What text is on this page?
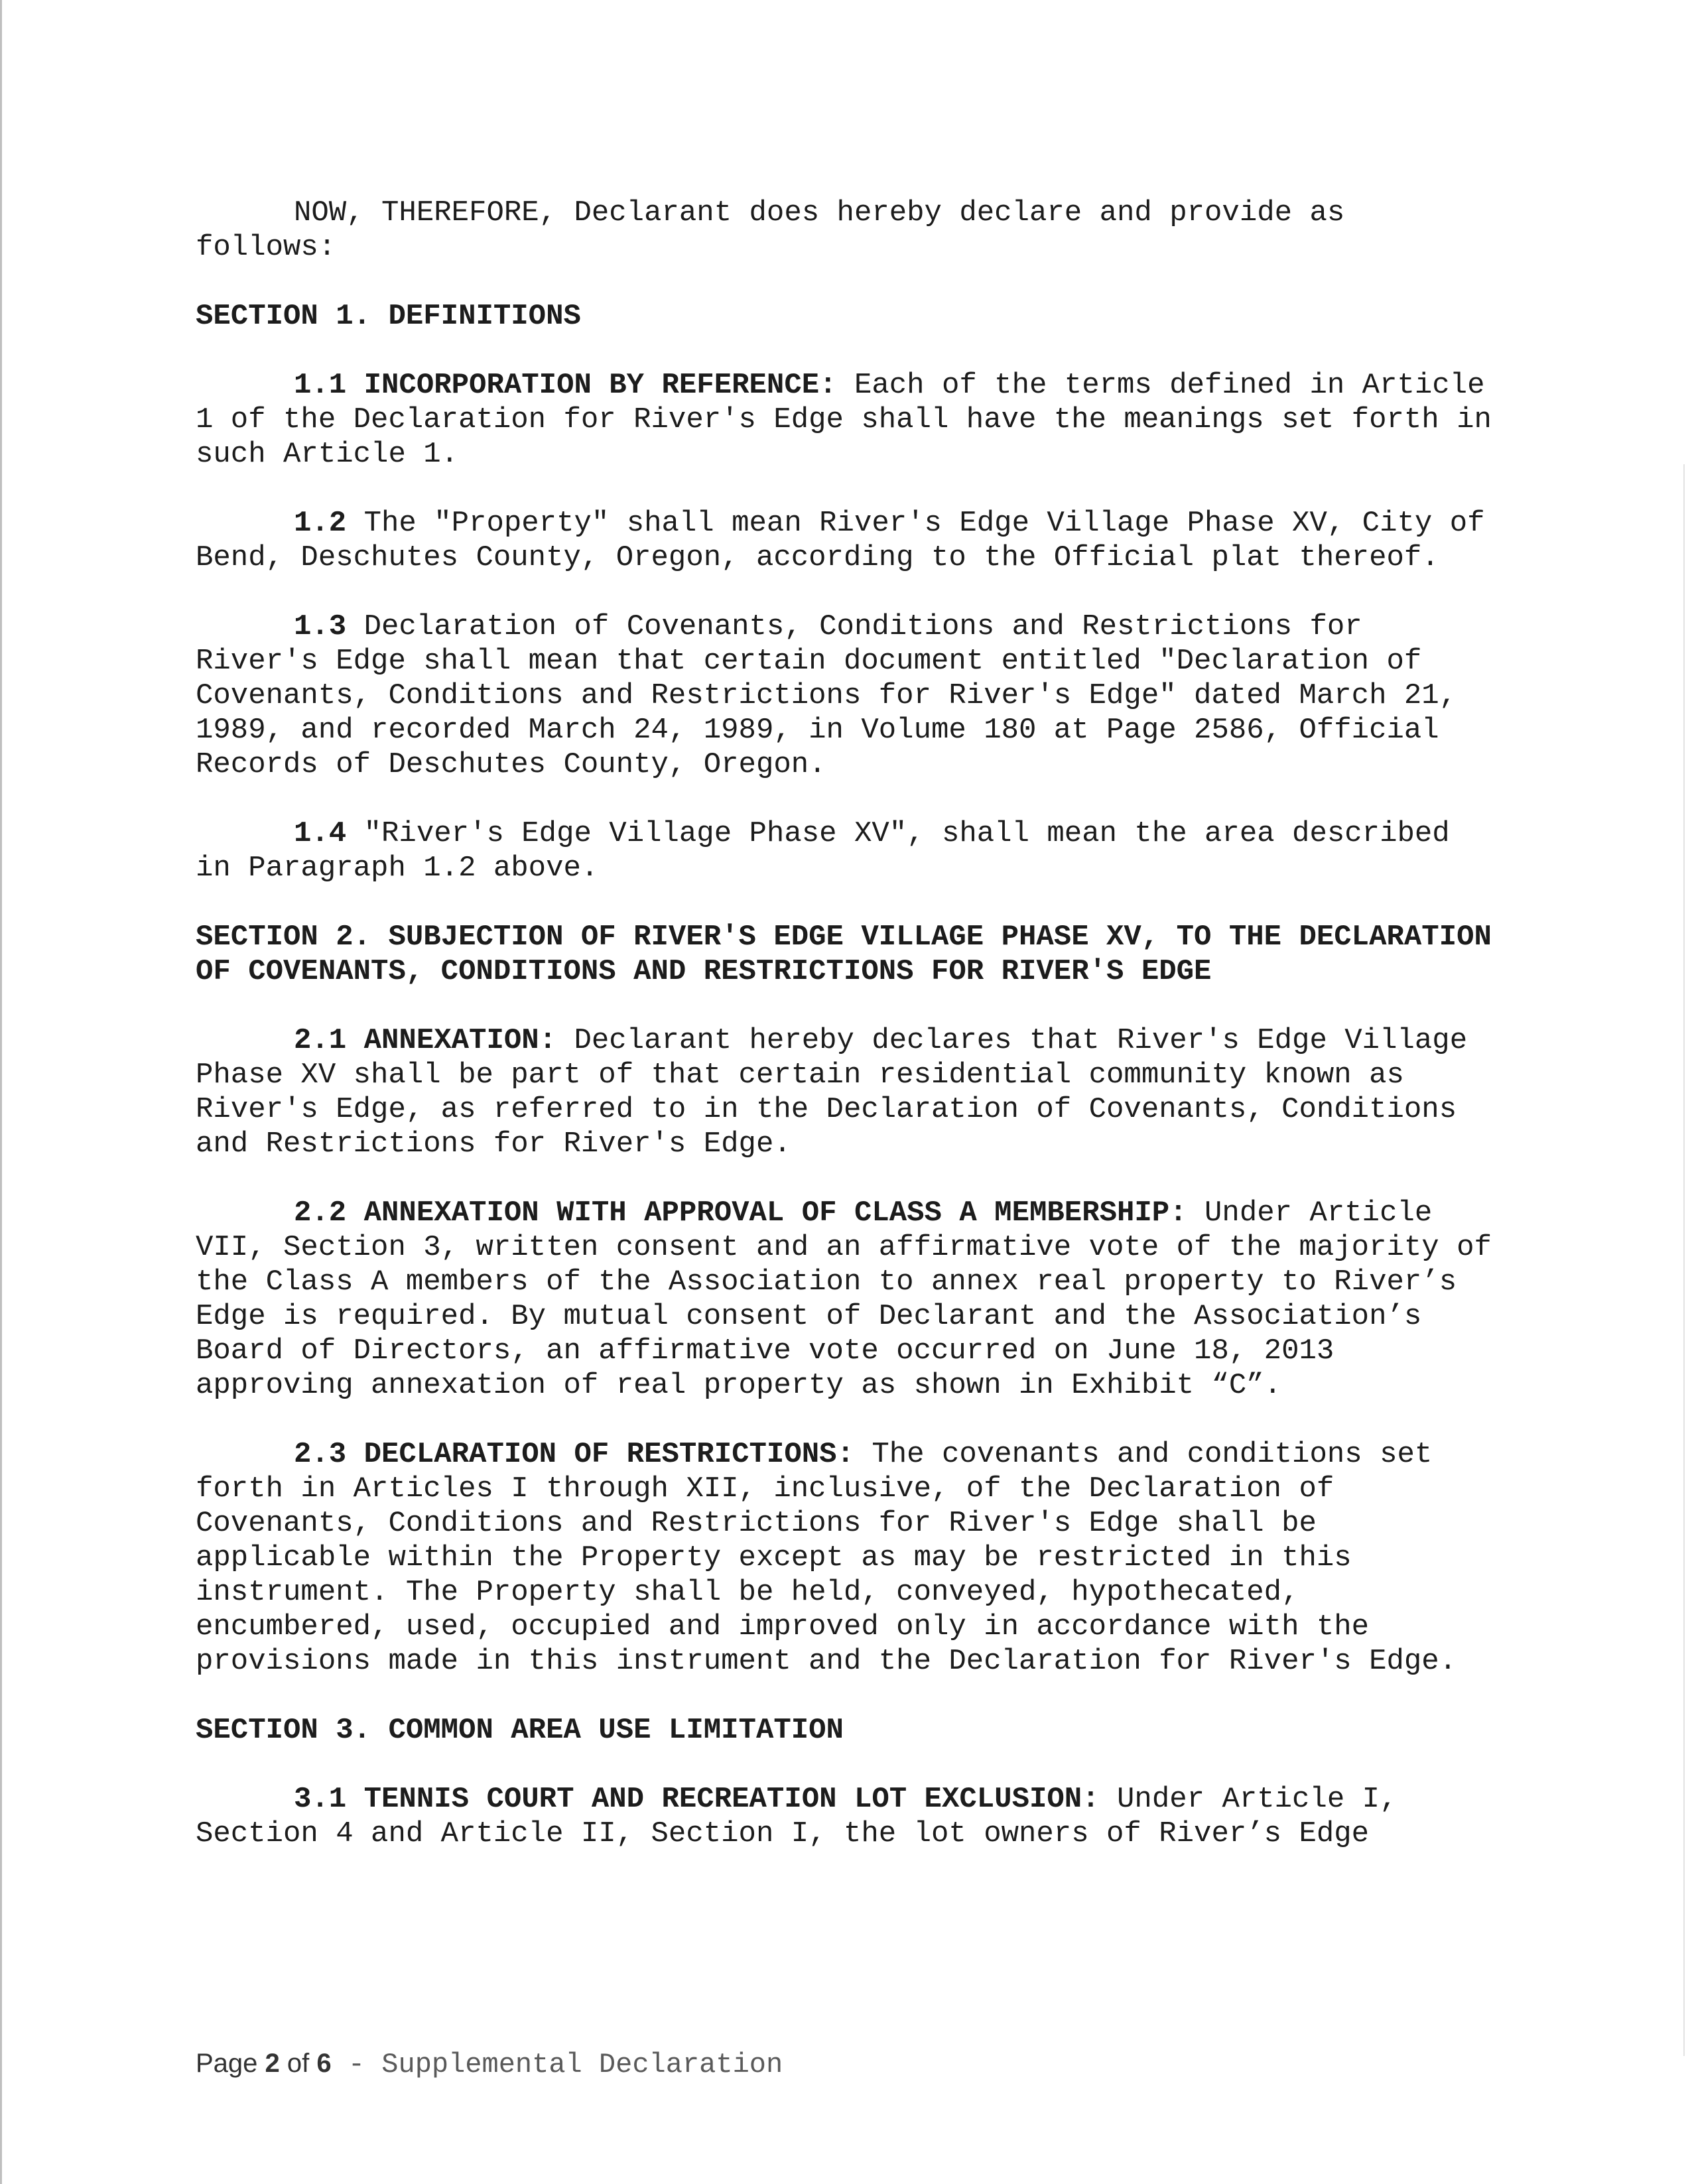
NOW, THEREFORE, Declarant does hereby declare and provide as follows:

SECTION 1. DEFINITIONS

1.1 INCORPORATION BY REFERENCE: Each of the terms defined in Article 1 of the Declaration for River's Edge shall have the meanings set forth in such Article 1.

1.2 The "Property" shall mean River's Edge Village Phase XV, City of Bend, Deschutes County, Oregon, according to the Official plat thereof.

1.3 Declaration of Covenants, Conditions and Restrictions for River's Edge shall mean that certain document entitled "Declaration of Covenants, Conditions and Restrictions for River's Edge" dated March 21, 1989, and recorded March 24, 1989, in Volume 180 at Page 2586, Official Records of Deschutes County, Oregon.

1.4 "River's Edge Village Phase XV", shall mean the area described in Paragraph 1.2 above.

SECTION 2. SUBJECTION OF RIVER'S EDGE VILLAGE PHASE XV, TO THE DECLARATION OF COVENANTS, CONDITIONS AND RESTRICTIONS FOR RIVER'S EDGE

2.1 ANNEXATION: Declarant hereby declares that River's Edge Village Phase XV shall be part of that certain residential community known as River's Edge, as referred to in the Declaration of Covenants, Conditions and Restrictions for River's Edge.

2.2 ANNEXATION WITH APPROVAL OF CLASS A MEMBERSHIP: Under Article VII, Section 3, written consent and an affirmative vote of the majority of the Class A members of the Association to annex real property to River’s Edge is required. By mutual consent of Declarant and the Association’s Board of Directors, an affirmative vote occurred on June 18, 2013 approving annexation of real property as shown in Exhibit “C”.

2.3 DECLARATION OF RESTRICTIONS: The covenants and conditions set forth in Articles I through XII, inclusive, of the Declaration of Covenants, Conditions and Restrictions for River's Edge shall be applicable within the Property except as may be restricted in this instrument. The Property shall be held, conveyed, hypothecated, encumbered, used, occupied and improved only in accordance with the provisions made in this instrument and the Declaration for River's Edge.

SECTION 3. COMMON AREA USE LIMITATION

3.1 TENNIS COURT AND RECREATION LOT EXCLUSION: Under Article I, Section 4 and Article II, Section I, the lot owners of River’s Edge

Page 2 of 6 - Supplemental Declaration
